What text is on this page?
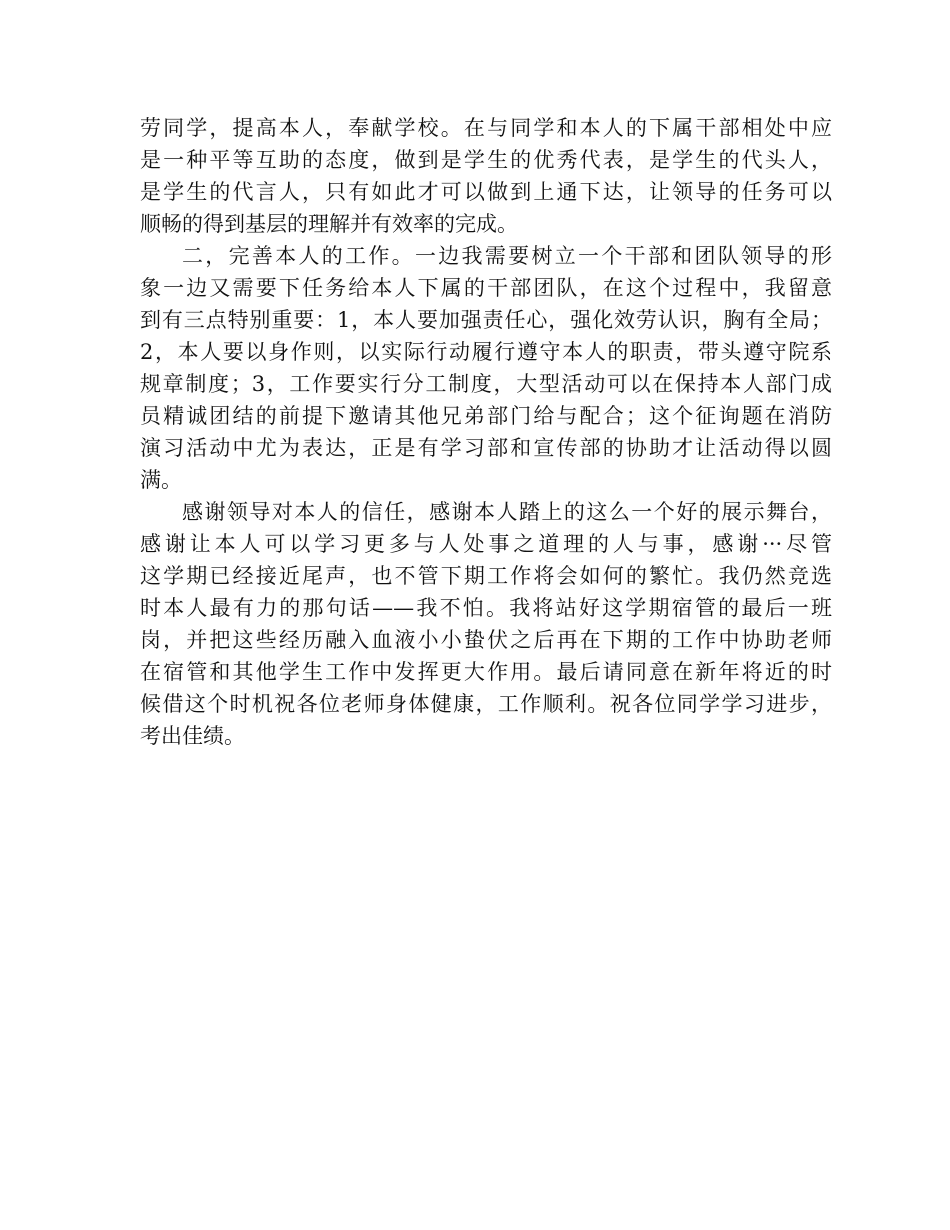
劳同学，提高本人，奉献学校。在与同学和本人的下属干部相处中应
是一种平等互助的态度，做到是学生的优秀代表，是学生的代头人，
是学生的代言人，只有如此才可以做到上通下达，让领导的任务可以
顺畅的得到基层的理解并有效率的完成。
二，完善本人的工作。一边我需要树立一个干部和团队领导的形
象一边又需要下任务给本人下属的干部团队，在这个过程中，我留意
到有三点特别重要：1，本人要加强责任心，强化效劳认识，胸有全局；
2，本人要以身作则，以实际行动履行遵守本人的职责，带头遵守院系
规章制度；3，工作要实行分工制度，大型活动可以在保持本人部门成
员精诚团结的前提下邀请其他兄弟部门给与配合；这个征询题在消防
演习活动中尤为表达，正是有学习部和宣传部的协助才让活动得以圆
满。
感谢领导对本人的信任，感谢本人踏上的这么一个好的展示舞台，
感谢让本人可以学习更多与人处事之道理的人与事，感谢···尽管
这学期已经接近尾声，也不管下期工作将会如何的繁忙。我仍然竞选
时本人最有力的那句话——我不怕。我将站好这学期宿管的最后一班
岗，并把这些经历融入血液小小蛰伏之后再在下期的工作中协助老师
在宿管和其他学生工作中发挥更大作用。最后请同意在新年将近的时
候借这个时机祝各位老师身体健康，工作顺利。祝各位同学学习进步，
考出佳绩。
